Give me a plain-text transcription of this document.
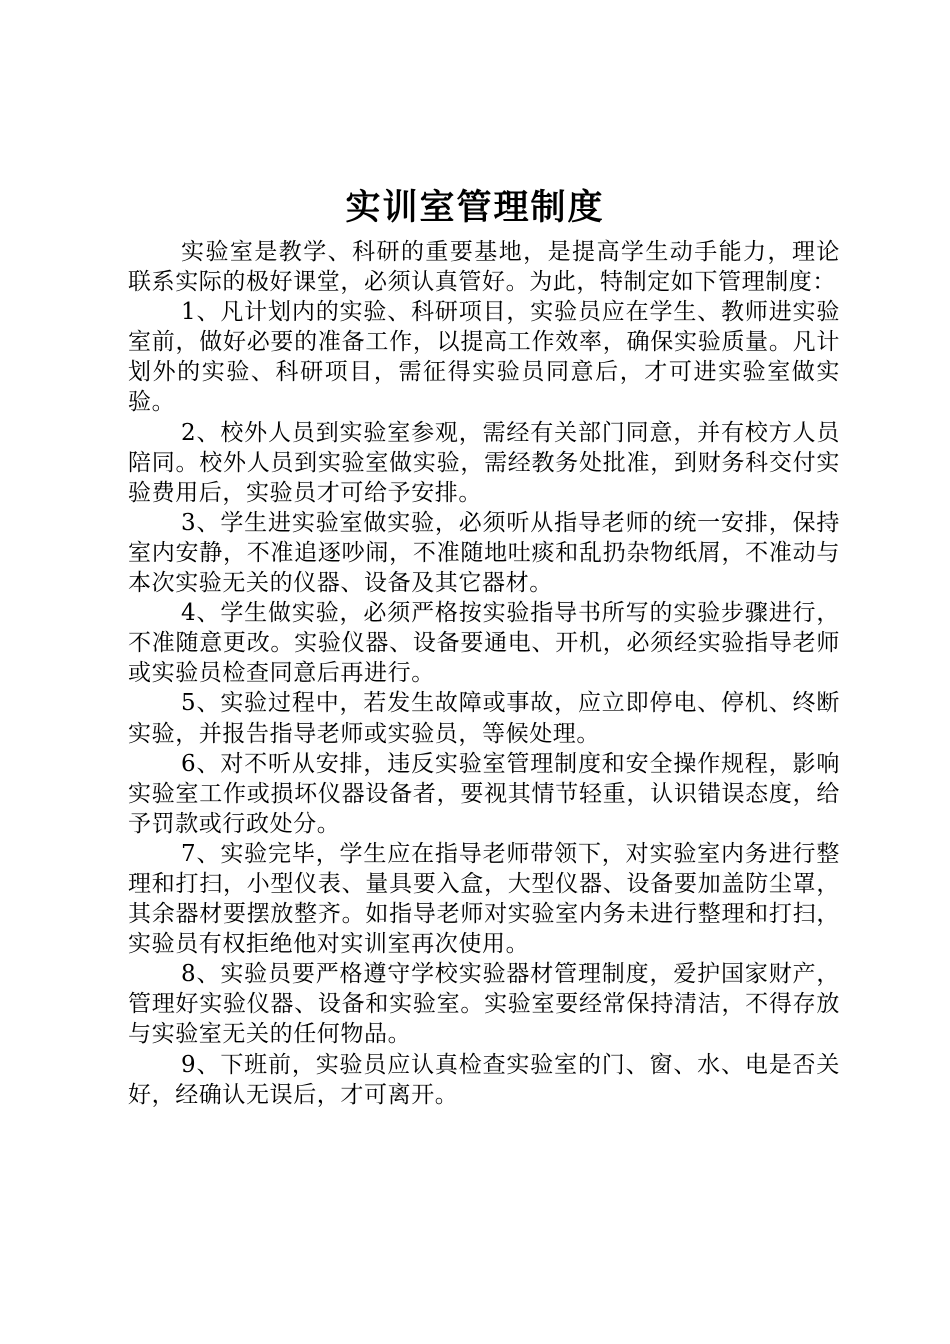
实训室管理制度

实验室是教学、科研的重要基地，是提高学生动手能力，理论联系实际的极好课堂，必须认真管好。为此，特制定如下管理制度：

1、凡计划内的实验、科研项目，实验员应在学生、教师进实验室前，做好必要的准备工作，以提高工作效率，确保实验质量。凡计划外的实验、科研项目，需征得实验员同意后，才可进实验室做实验。

2、校外人员到实验室参观，需经有关部门同意，并有校方人员陪同。校外人员到实验室做实验，需经教务处批准，到财务科交付实验费用后，实验员才可给予安排。

3、学生进实验室做实验，必须听从指导老师的统一安排，保持室内安静，不准追逐吵闹，不准随地吐痰和乱扔杂物纸屑，不准动与本次实验无关的仪器、设备及其它器材。

4、学生做实验，必须严格按实验指导书所写的实验步骤进行，不准随意更改。实验仪器、设备要通电、开机，必须经实验指导老师或实验员检查同意后再进行。

5、实验过程中，若发生故障或事故，应立即停电、停机、终断实验，并报告指导老师或实验员，等候处理。

6、对不听从安排，违反实验室管理制度和安全操作规程，影响实验室工作或损坏仪器设备者，要视其情节轻重，认识错误态度，给予罚款或行政处分。

7、实验完毕，学生应在指导老师带领下，对实验室内务进行整理和打扫，小型仪表、量具要入盒，大型仪器、设备要加盖防尘罩，其余器材要摆放整齐。如指导老师对实验室内务未进行整理和打扫，实验员有权拒绝他对实训室再次使用。

8、实验员要严格遵守学校实验器材管理制度，爱护国家财产，管理好实验仪器、设备和实验室。实验室要经常保持清洁，不得存放与实验室无关的任何物品。

9、下班前，实验员应认真检查实验室的门、窗、水、电是否关好，经确认无误后，才可离开。
